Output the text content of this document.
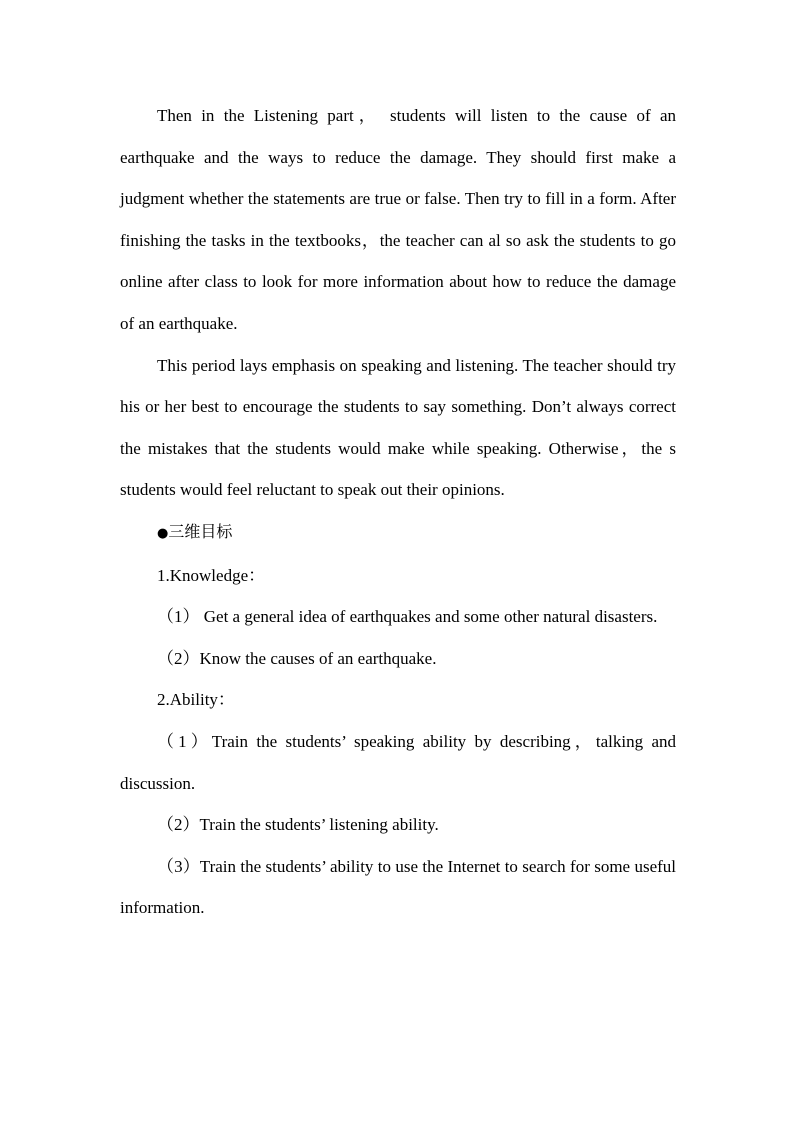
Then in the Listening part， students will listen to the cause of an earthquake and the ways to reduce the damage. They should first make a judgment whether the statements are true or false. Then try to fill in a form. After finishing the tasks in the textbooks，the teacher can al so ask the students to go online after class to look for more information about how to reduce the damage of an earthquake.

This period lays emphasis on speaking and listening. The teacher should try his or her best to encourage the students to say something. Don’t always correct the mistakes that the students would make while speaking. Otherwise，the s students would feel reluctant to speak out their opinions.

●三维目标

1.Knowledge：

（1） Get a general idea of earthquakes and some other natural disasters.

（2）Know the causes of an earthquake.

2.Ability：

（1）Train the students’ speaking ability by describing，talking and discussion.

（2）Train the students’ listening ability.

（3）Train the students’ ability to use the Internet to search for some useful information.
